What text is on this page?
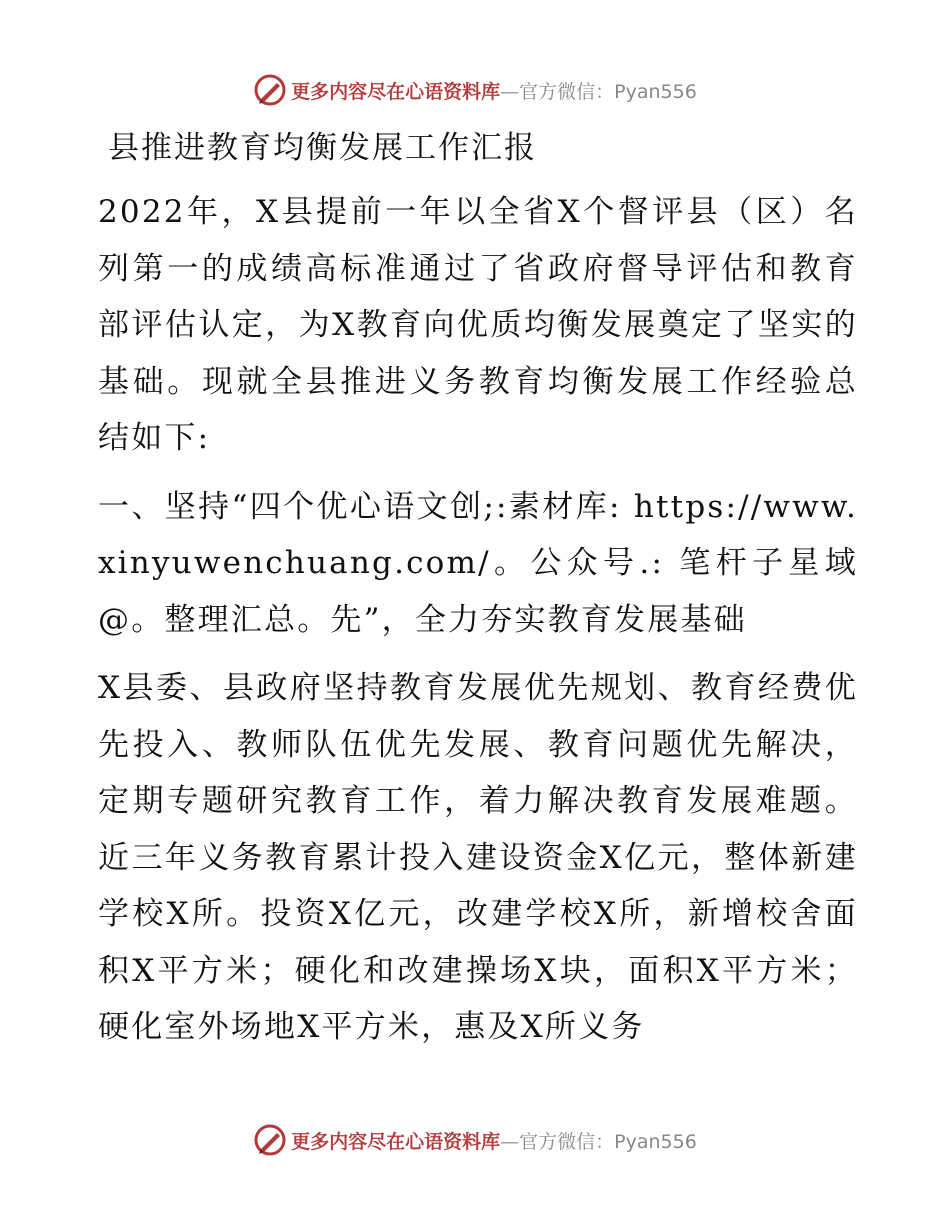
更多内容尽在心语资料库—官方微信：Pyan556
县推进教育均衡发展工作汇报

2022年，X县提前一年以全省X个督评县（区）名列第一的成绩高标准通过了省政府督导评估和教育部评估认定，为X教育向优质均衡发展奠定了坚实的基础。现就全县推进义务教育均衡发展工作经验总结如下:

一、坚持“四个优心语文创;:素材库: https://www.xinyuwenchuang.com/。公众号.: 笔杆子星域@。整理汇总。先”，全力夯实教育发展基础

X县委、县政府坚持教育发展优先规划、教育经费优先投入、教师队伍优先发展、教育问题优先解决，定期专题研究教育工作，着力解决教育发展难题。近三年义务教育累计投入建设资金X亿元，整体新建学校X所。投资X亿元，改建学校X所，新增校舍面积X平方米；硬化和改建操场X块，面积X平方米；硬化室外场地X平方米，惠及X所义务

更多内容尽在心语资料库—官方微信：Pyan556
